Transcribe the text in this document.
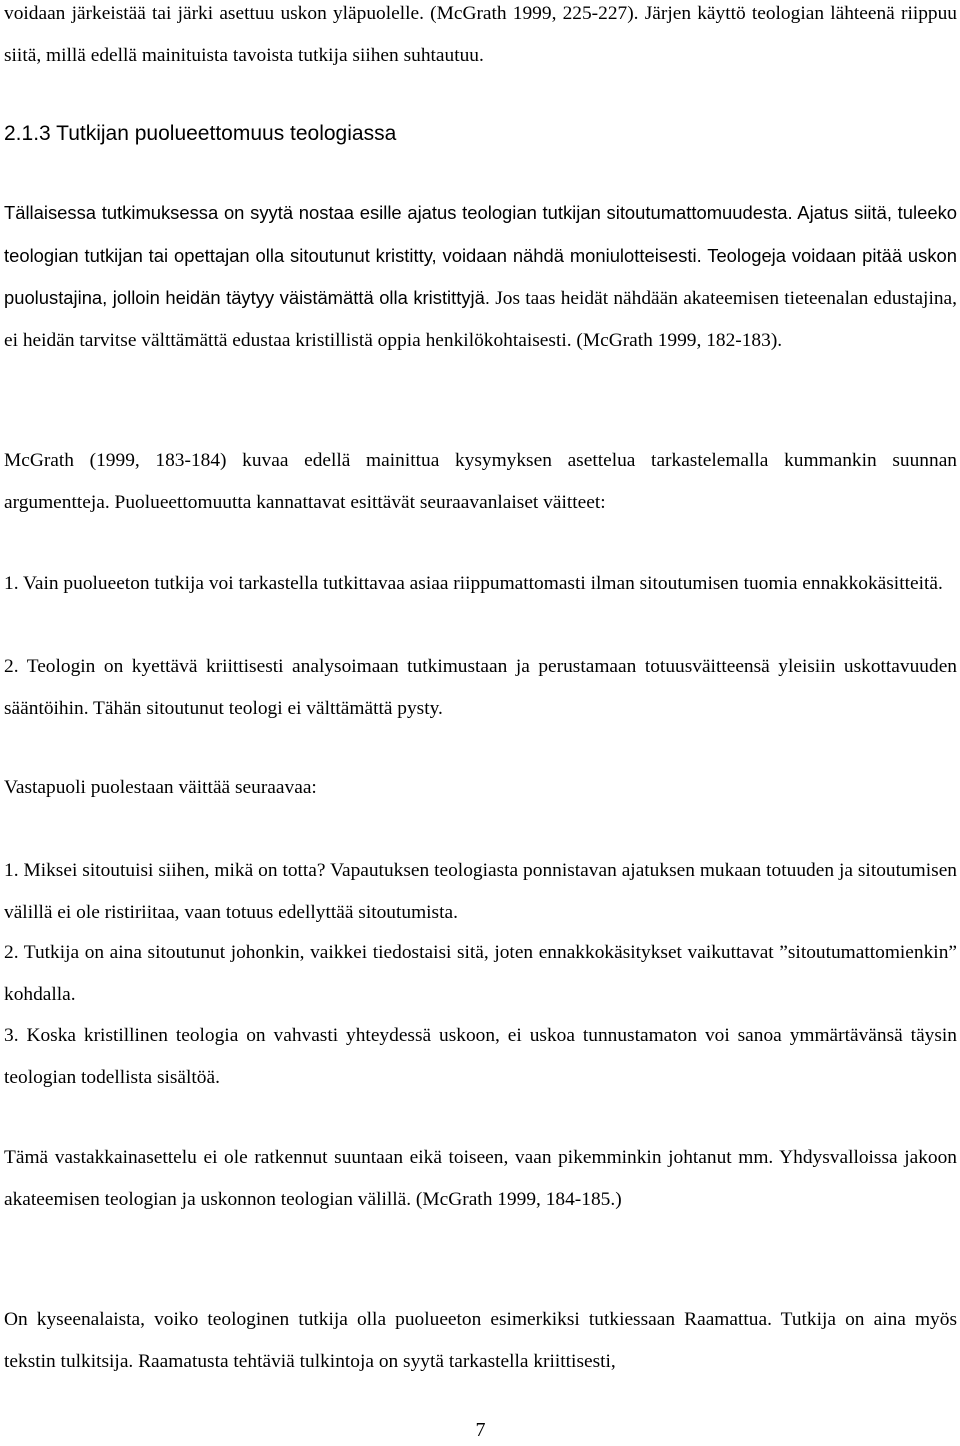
voidaan järkeistää tai järki asettuu uskon yläpuolelle. (McGrath 1999, 225-227). Järjen käyttö teologian lähteenä riippuu siitä, millä edellä mainituista tavoista tutkija siihen suhtautuu.

2.1.3 Tutkijan puolueettomuus teologiassa

Tällaisessa tutkimuksessa on syytä nostaa esille ajatus teologian tutkijan sitoutumattomuudesta. Ajatus siitä, tuleeko teologian tutkijan tai opettajan olla sitoutunut kristitty, voidaan nähdä moniulotteisesti. Teologeja voidaan pitää uskon puolustajina, jolloin heidän täytyy väistämättä olla kristittyjä. Jos taas heidät nähdään akateemisen tieteenalan edustajina, ei heidän tarvitse välttämättä edustaa kristillistä oppia henkilökohtaisesti. (McGrath 1999, 182-183).

McGrath (1999, 183-184) kuvaa edellä mainittua kysymyksen asettelua tarkastelemalla kummankin suunnan argumentteja. Puolueettomuutta kannattavat esittävät seuraavanlaiset väitteet:

1. Vain puolueeton tutkija voi tarkastella tutkittavaa asiaa riippumattomasti ilman sitoutumisen tuomia ennakkokäsitteitä.

2. Teologin on kyettävä kriittisesti analysoimaan tutkimustaan ja perustamaan totuusväitteensä yleisiin uskottavuuden sääntöihin. Tähän sitoutunut teologi ei välttämättä pysty.

Vastapuoli puolestaan väittää seuraavaa:

1. Miksei sitoutuisi siihen, mikä on totta? Vapautuksen teologiasta ponnistavan ajatuksen mukaan totuuden ja sitoutumisen välillä ei ole ristiriitaa, vaan totuus edellyttää sitoutumista.

2. Tutkija on aina sitoutunut johonkin, vaikkei tiedostaisi sitä, joten ennakkokäsitykset vaikuttavat ”sitoutumattomienkin” kohdalla.

3. Koska kristillinen teologia on vahvasti yhteydessä uskoon, ei uskoa tunnustamaton voi sanoa ymmärtävänsä täysin teologian todellista sisältöä.

Tämä vastakkainasettelu ei ole ratkennut suuntaan eikä toiseen, vaan pikemminkin johtanut mm. Yhdysvalloissa jakoon akateemisen teologian ja uskonnon teologian välillä. (McGrath 1999, 184-185.)

On kyseenalaista, voiko teologinen tutkija olla puolueeton esimerkiksi tutkiessaan Raamattua. Tutkija on aina myös tekstin tulkitsija. Raamatusta tehtäviä tulkintoja on syytä tarkastella kriittisesti,

7
